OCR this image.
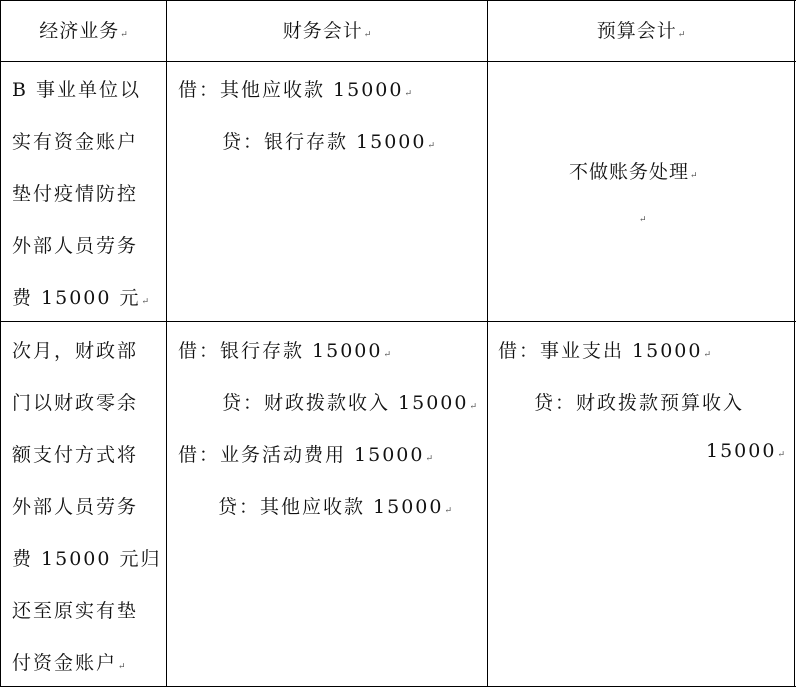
经济业务↵	财务会计↵	预算会计↵
B 事业单位以
实有资金账户
垫付疫情防控
外部人员劳务
费 15000 元↵
借：其他应收款 15000↵
贷：银行存款 15000↵
不做账务处理↵
↵
次月，财政部
门以财政零余
额支付方式将
外部人员劳务
费 15000 元归
还至原实有垫
付资金账户↵
借：银行存款 15000↵
贷：财政拨款收入 15000↵
借：业务活动费用 15000↵
贷：其他应收款 15000↵
借：事业支出 15000↵
贷：财政拨款预算收入
15000↵
